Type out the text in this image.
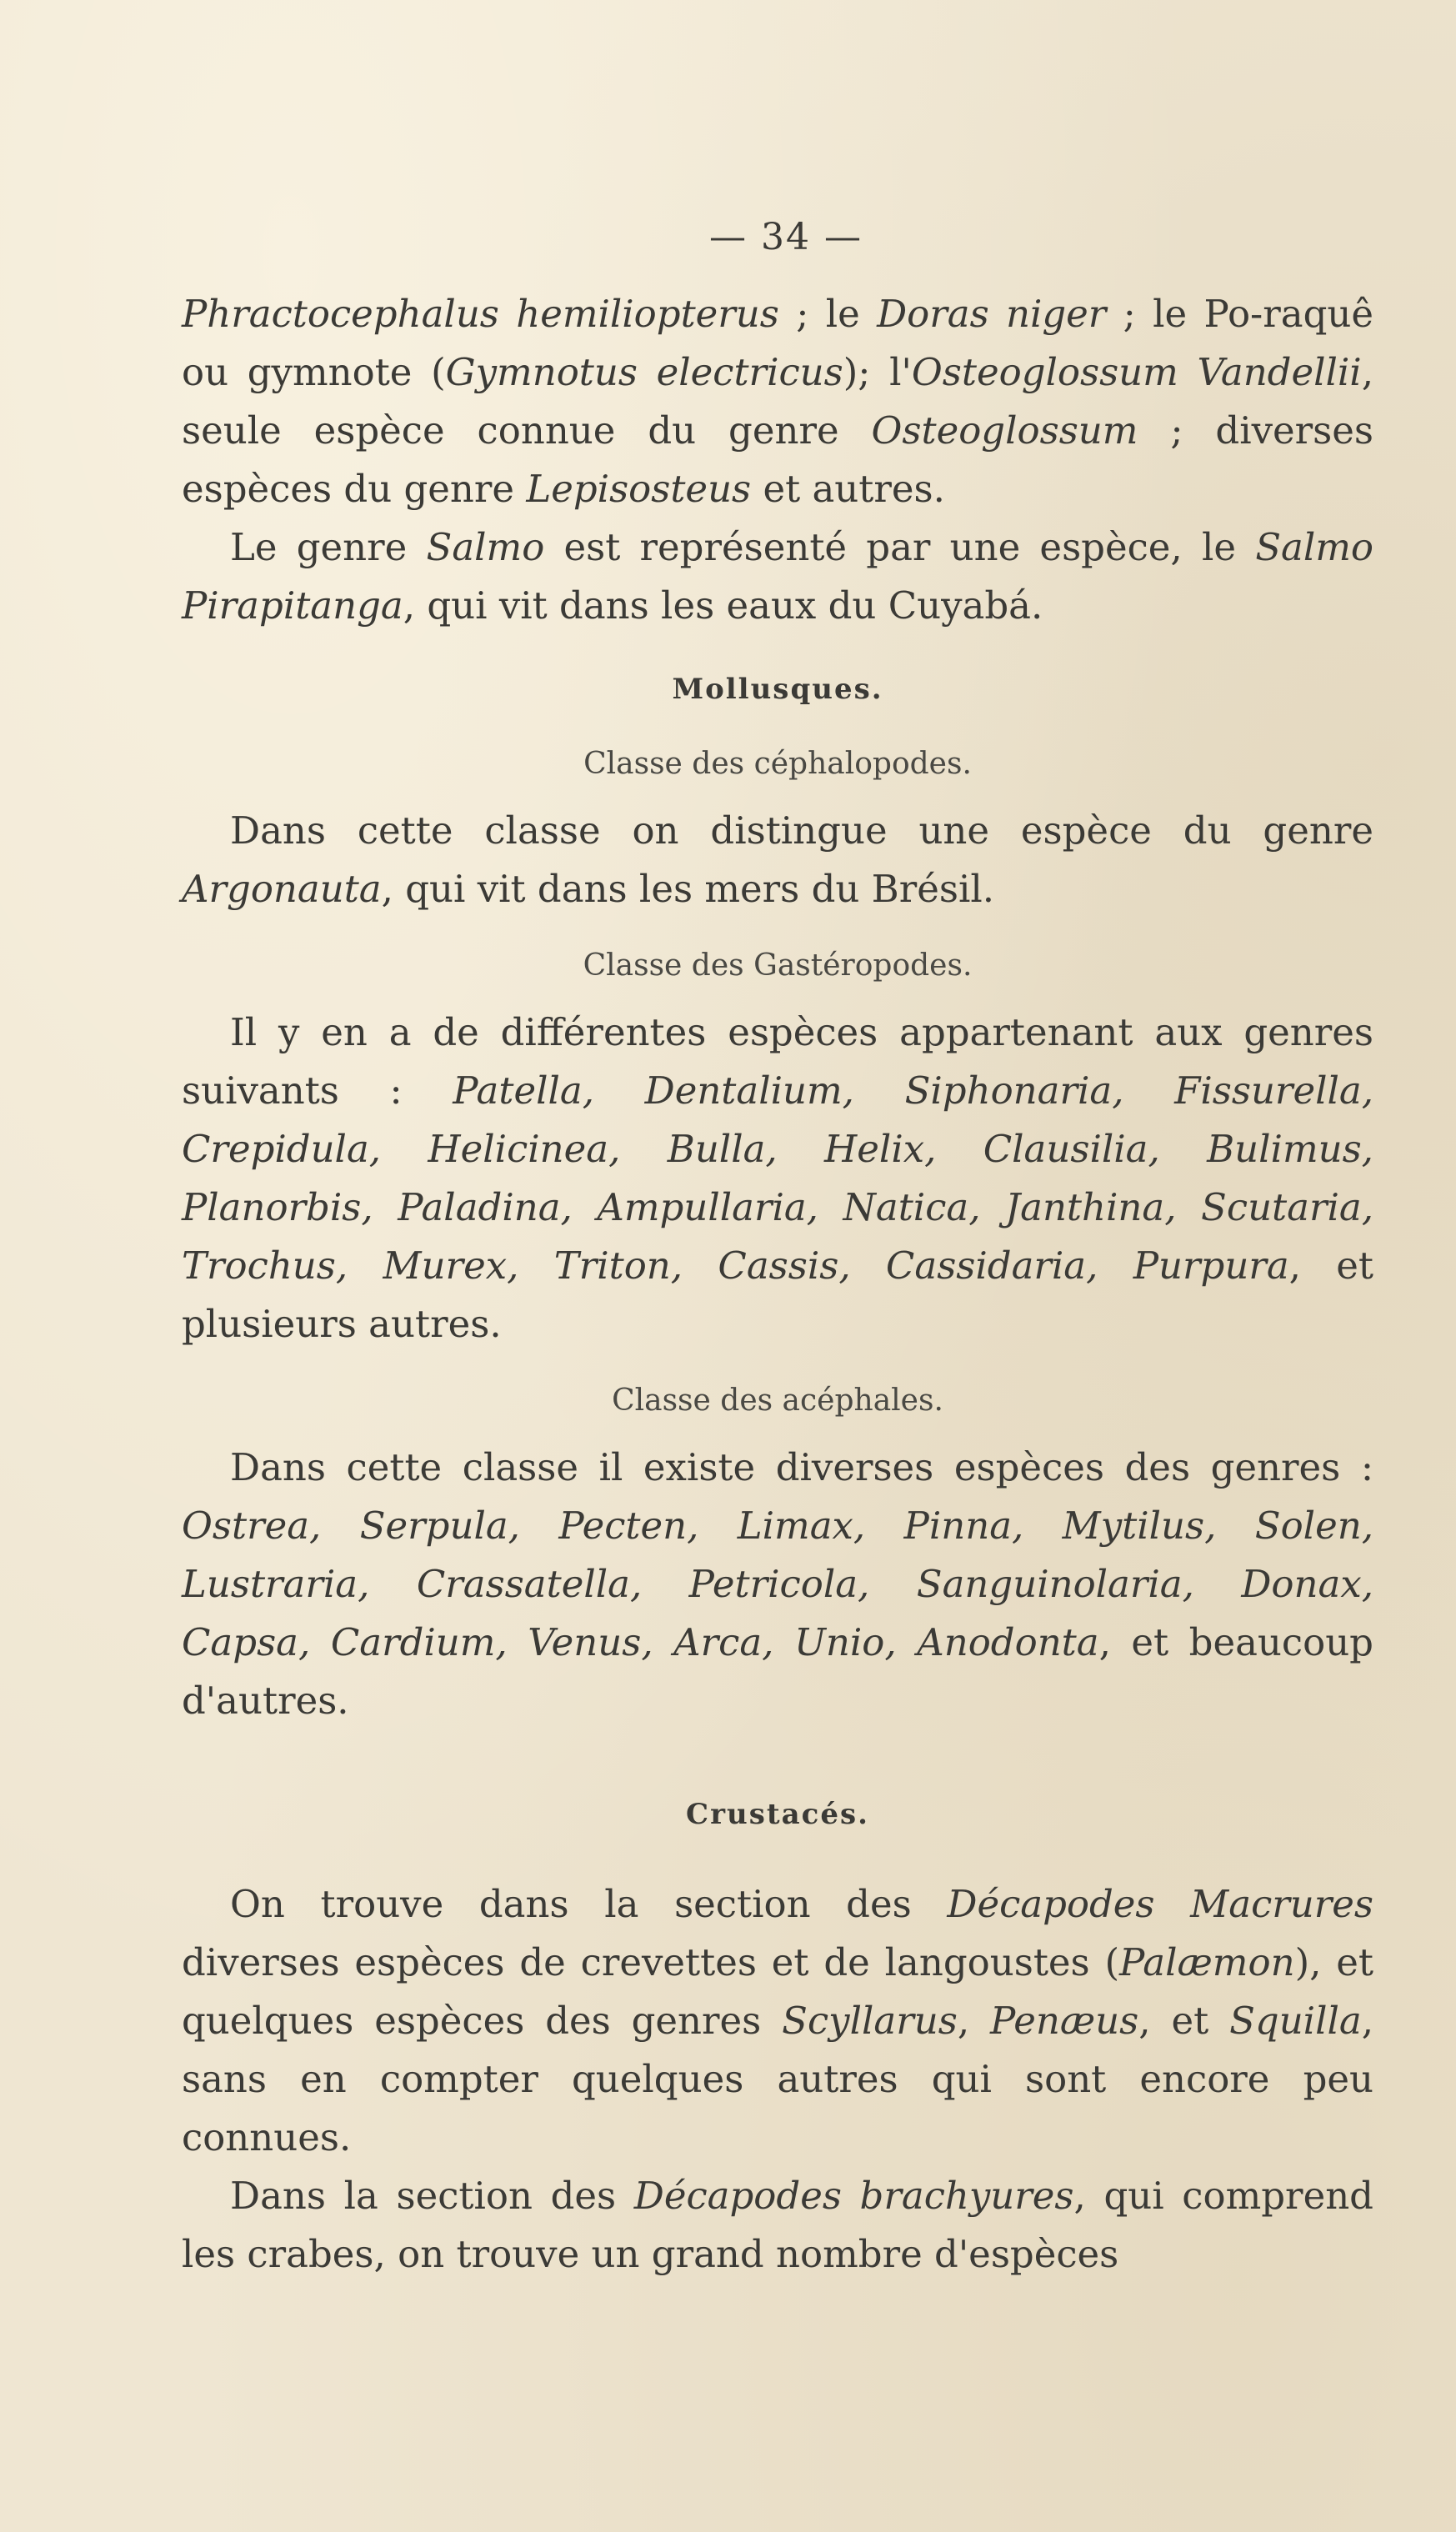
— 34 —

Phractocephalus hemiliopterus ; le Doras niger ; le Po-raquê ou gymnote (Gymnotus electricus); l'Osteoglossum Vandellii, seule espèce connue du genre Osteoglossum ; diverses espèces du genre Lepisosteus et autres.

Le genre Salmo est représenté par une espèce, le Salmo Pirapitanga, qui vit dans les eaux du Cuyabá.

Mollusques.
Classe des céphalopodes.

Dans cette classe on distingue une espèce du genre Argonauta, qui vit dans les mers du Brésil.

Classe des Gastéropodes.

Il y en a de différentes espèces appartenant aux genres suivants : Patella, Dentalium, Siphonaria, Fissurella, Crepidula, Helicinea, Bulla, Helix, Clausilia, Bulimus, Planorbis, Paladina, Ampullaria, Natica, Janthina, Scutaria, Trochus, Murex, Triton, Cassis, Cassidaria, Purpura, et plusieurs autres.

Classe des acéphales.

Dans cette classe il existe diverses espèces des genres : Ostrea, Serpula, Pecten, Limax, Pinna, Mytilus, Solen, Lustraria, Crassatella, Petricola, Sanguinolaria, Donax, Capsa, Cardium, Venus, Arca, Unio, Anodonta, et beaucoup d'autres.

Crustacés.

On trouve dans la section des Décapodes Macrures diverses espèces de crevettes et de langoustes (Palæmon), et quelques espèces des genres Scyllarus, Penæus, et Squilla, sans en compter quelques autres qui sont encore peu connues.

Dans la section des Décapodes brachyures, qui comprend les crabes, on trouve un grand nombre d'espèces
